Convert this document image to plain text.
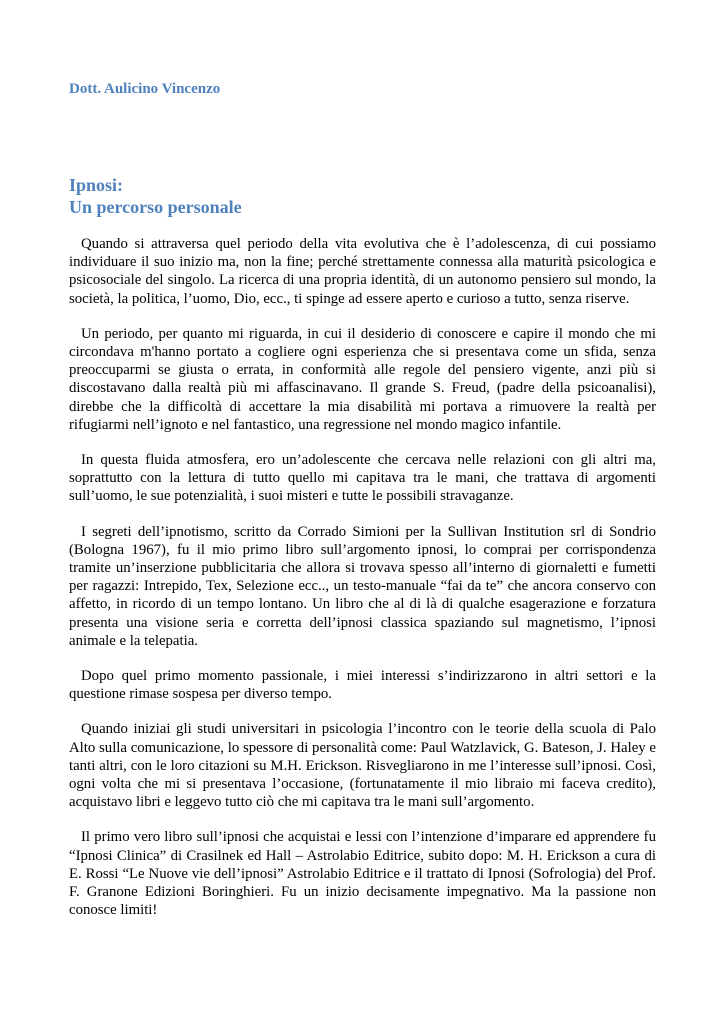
Dott. Aulicino Vincenzo

Ipnosi:
Un percorso personale

Quando si attraversa quel periodo della vita evolutiva che è l’adolescenza, di cui possiamo individuare il suo inizio ma, non la fine; perché strettamente connessa alla maturità psicologica e psicosociale del singolo. La ricerca di una propria identità, di un autonomo pensiero sul mondo, la società, la politica, l’uomo, Dio, ecc., ti spinge ad essere aperto e curioso a tutto, senza riserve.

Un periodo, per quanto mi riguarda, in cui il desiderio di conoscere e capire il mondo che mi circondava m'hanno portato a cogliere ogni esperienza che si presentava come un sfida, senza preoccuparmi se giusta o errata, in conformità alle regole del pensiero vigente, anzi più si discostavano dalla realtà più mi affascinavano. Il grande S. Freud, (padre della psicoanalisi), direbbe che la difficoltà di accettare la mia disabilità mi portava a rimuovere la realtà per rifugiarmi nell’ignoto e nel fantastico, una regressione nel mondo magico infantile.

In questa fluida atmosfera, ero un’adolescente che cercava nelle relazioni con gli altri ma, soprattutto con la lettura di tutto quello mi capitava tra le mani, che trattava di argomenti sull’uomo, le sue potenzialità, i suoi misteri e tutte le possibili stravaganze.

I segreti dell’ipnotismo, scritto da Corrado Simioni per la Sullivan Institution srl di Sondrio (Bologna 1967), fu il mio primo libro sull’argomento ipnosi, lo comprai per corrispondenza tramite un’inserzione pubblicitaria che allora si trovava spesso all’interno di giornaletti e fumetti per ragazzi: Intrepido, Tex, Selezione ecc.., un testo-manuale “fai da te” che ancora conservo con affetto, in ricordo di un tempo lontano. Un libro che al di là di qualche esagerazione e forzatura presenta una visione seria e corretta dell’ipnosi classica spaziando sul magnetismo, l’ipnosi animale e la telepatia.

Dopo quel primo momento passionale, i miei interessi s’indirizzarono in altri settori e la questione rimase sospesa per diverso tempo.

Quando iniziai gli studi universitari in psicologia l’incontro con le teorie della scuola di Palo Alto sulla comunicazione, lo spessore di personalità come: Paul Watzlavick, G. Bateson, J. Haley e tanti altri, con le loro citazioni su M.H. Erickson. Risvegliarono in me l’interesse sull’ipnosi. Così, ogni volta che mi si presentava l’occasione, (fortunatamente il mio libraio mi faceva credito), acquistavo libri e leggevo tutto ciò che mi capitava tra le mani sull’argomento.

Il primo vero libro sull’ipnosi che acquistai e lessi con l’intenzione d’imparare ed apprendere fu “Ipnosi Clinica” di Crasilnek ed Hall – Astrolabio Editrice, subito dopo: M. H. Erickson a cura di E. Rossi “Le Nuove vie dell’ipnosi” Astrolabio Editrice e il trattato di Ipnosi (Sofrologia) del Prof. F. Granone Edizioni Boringhieri. Fu un inizio decisamente impegnativo. Ma la passione non conosce limiti!
